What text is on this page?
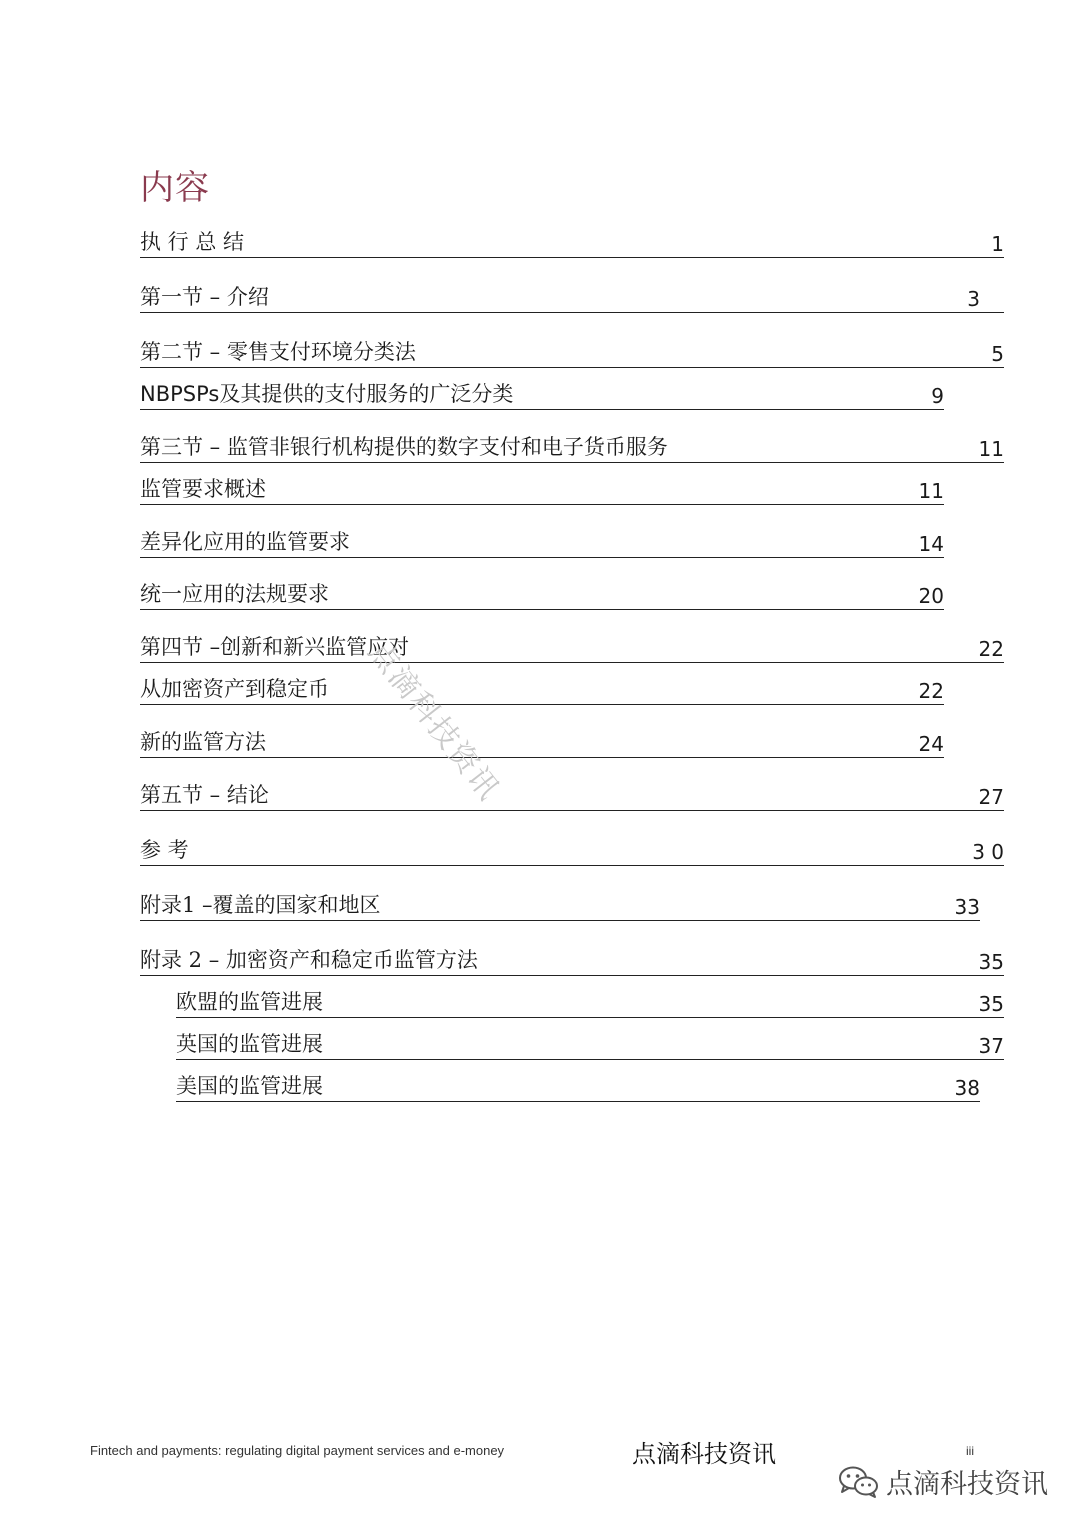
内容
执 行 总 结	1
第一节 – 介绍	3
第二节 – 零售支付环境分类法	5
NBPSPs及其提供的支付服务的广泛分类	9
第三节 – 监管非银行机构提供的数字支付和电子货币服务	11
监管要求概述	11
差异化应用的监管要求	14
统一应用的法规要求	20
第四节 –创新和新兴监管应对	22
从加密资产到稳定币	22
新的监管方法	24
第五节 – 结论	27
参 考	3 0
附录1 –覆盖的国家和地区	33
附录 2 – 加密资产和稳定币监管方法	35
欧盟的监管进展	35
英国的监管进展	37
美国的监管进展	38
点滴科技资讯
Fintech and payments: regulating digital payment services and e-money	点滴科技资讯	iii
点滴科技资讯
